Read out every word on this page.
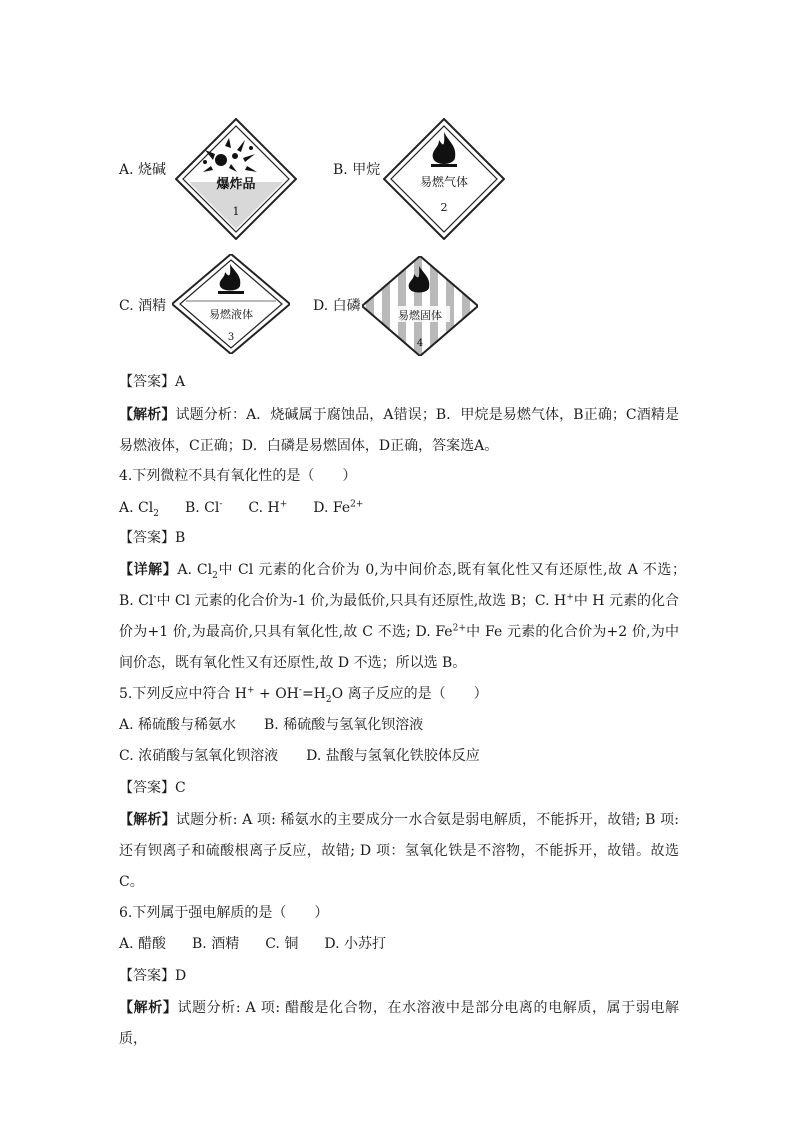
A. 烧碱
爆炸品
1
B. 甲烷
易燃气体
2
C. 酒精
易燃液体
3
D. 白磷
易燃固体
4
【答案】A
【解析】试题分析：A．烧碱属于腐蚀品，A错误；B．甲烷是易燃气体，B正确；C酒精是易燃液体，C正确；D．白磷是易燃固体，D正确，答案选A。
4.下列微粒不具有氧化性的是（　　）
A. $Cl_2$ B. Cl- C. H+ D. $Fe^{2+}$
【答案】B
【详解】A. $Cl_2$中 Cl 元素的化合价为 0,为中间价态,既有氧化性又有还原性,故 A 不选；　B. Cl-中 Cl 元素的化合价为-1 价,为最低价,只具有还原性,故选 B；C. H+中 H 元素的化合价为+1 价,为最高价,只具有氧化性,故 C 不选; D. $Fe^{2+}$中 Fe 元素的化合价为+2 价,为中间价态，既有氧化性又有还原性,故 D 不选；所以选 B。
5.下列反应中符合 $H^+ + OH^-=H_2O$ 离子反应的是（　　）
A. 稀硫酸与稀氨水 B. 稀硫酸与氢氧化钡溶液
C. 浓硝酸与氢氧化钡溶液 D. 盐酸与氢氧化铁胶体反应
【答案】C
【解析】试题分析: A 项: 稀氨水的主要成分一水合氨是弱电解质，不能拆开，故错; B 项: 还有钡离子和硫酸根离子反应，故错; D 项：氢氧化铁是不溶物，不能拆开，故错。故选 C。
6.下列属于强电解质的是（　　）
A. 醋酸 B. 酒精 C. 铜 D. 小苏打
【答案】D
【解析】试题分析: A 项: 醋酸是化合物，在水溶液中是部分电离的电解质，属于弱电解质，
